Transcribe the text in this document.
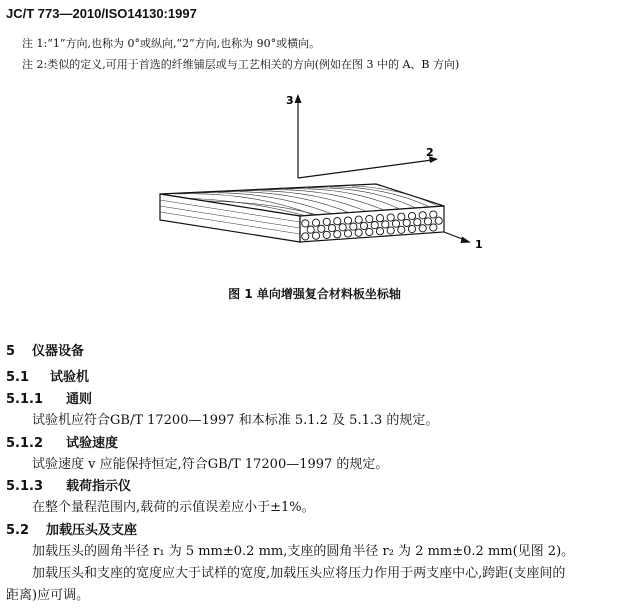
JC/T 773—2010/ISO14130:1997
注 1:“1”方向,也称为 0°或纵向,“2”方向,也称为 90°或横向。
注 2:类似的定义,可用于首选的纤维铺层或与工艺相关的方向(例如在图 3 中的 A、B 方向)
3
2
1
图 1 单向增强复合材料板坐标轴
5 仪器设备
5.1 试验机
5.1.1 通则
试验机应符合GB/T 17200—1997 和本标准 5.1.2 及 5.1.3 的规定。
5.1.2 试验速度
试验速度 v 应能保持恒定,符合GB/T 17200—1997 的规定。
5.1.3 载荷指示仪
在整个量程范围内,载荷的示值误差应小于±1%。
5.2 加载压头及支座
加载压头的圆角半径 r₁ 为 5 mm±0.2 mm,支座的圆角半径 r₂ 为 2 mm±0.2 mm(见图 2)。
加载压头和支座的宽度应大于试样的宽度,加载压头应将压力作用于两支座中心,跨距(支座间的
距离)应可调。
